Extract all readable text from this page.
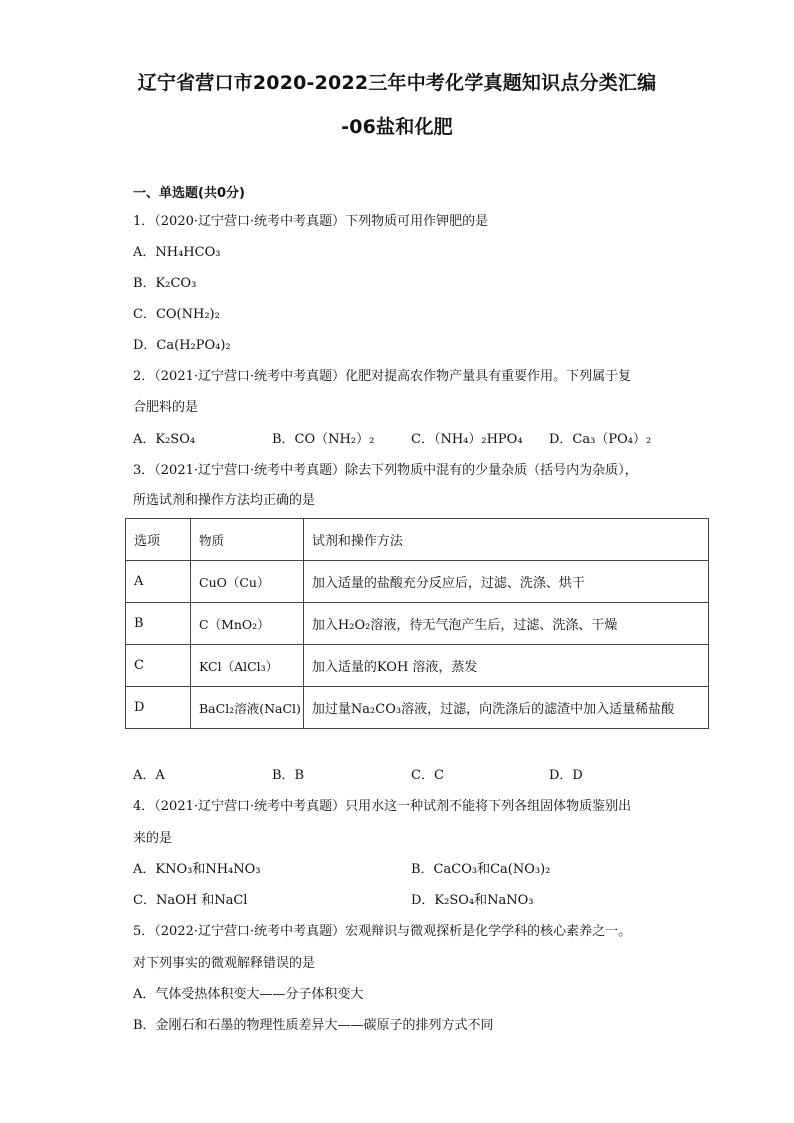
辽宁省营口市2020-2022三年中考化学真题知识点分类汇编
-06盐和化肥
一、单选题(共0分)
1．（2020·辽宁营口·统考中考真题）下列物质可用作钾肥的是
A．NH₄HCO₃
B．K₂CO₃
C．CO(NH₂)₂
D．Ca(H₂PO₄)₂
2．（2021·辽宁营口·统考中考真题）化肥对提高农作物产量具有重要作用。下列属于复
合肥料的是
A．K₂SO₄	B．CO（NH₂）₂	C．（NH₄）₂HPO₄ D．Ca₃（PO₄）₂
3．（2021·辽宁营口·统考中考真题）除去下列物质中混有的少量杂质（括号内为杂质），
所选试剂和操作方法均正确的是
选项	物质	试剂和操作方法
A	CuO（Cu）	加入适量的盐酸充分反应后，过滤、洗涤、烘干
B	C（MnO₂）	加入H₂O₂溶液，待无气泡产生后，过滤、洗涤、干燥
C	KCl（AlCl₃）	加入适量的KOH 溶液，蒸发
D	BaCl₂溶液(NaCl)	加过量Na₂CO₃溶液，过滤，向洗涤后的滤渣中加入适量稀盐酸
A．A	B．B	C．C	D．D
4．（2021·辽宁营口·统考中考真题）只用水这一种试剂不能将下列各组固体物质鉴别出
来的是
A．KNO₃和NH₄NO₃	B．CaCO₃和Ca(NO₃)₂
C．NaOH 和NaCl	D．K₂SO₄和NaNO₃
5．（2022·辽宁营口·统考中考真题）宏观辩识与微观探析是化学学科的核心素养之一。
对下列事实的微观解释错误的是
A．气体受热体积变大——分子体积变大
B．金刚石和石墨的物理性质差异大——碳原子的排列方式不同
